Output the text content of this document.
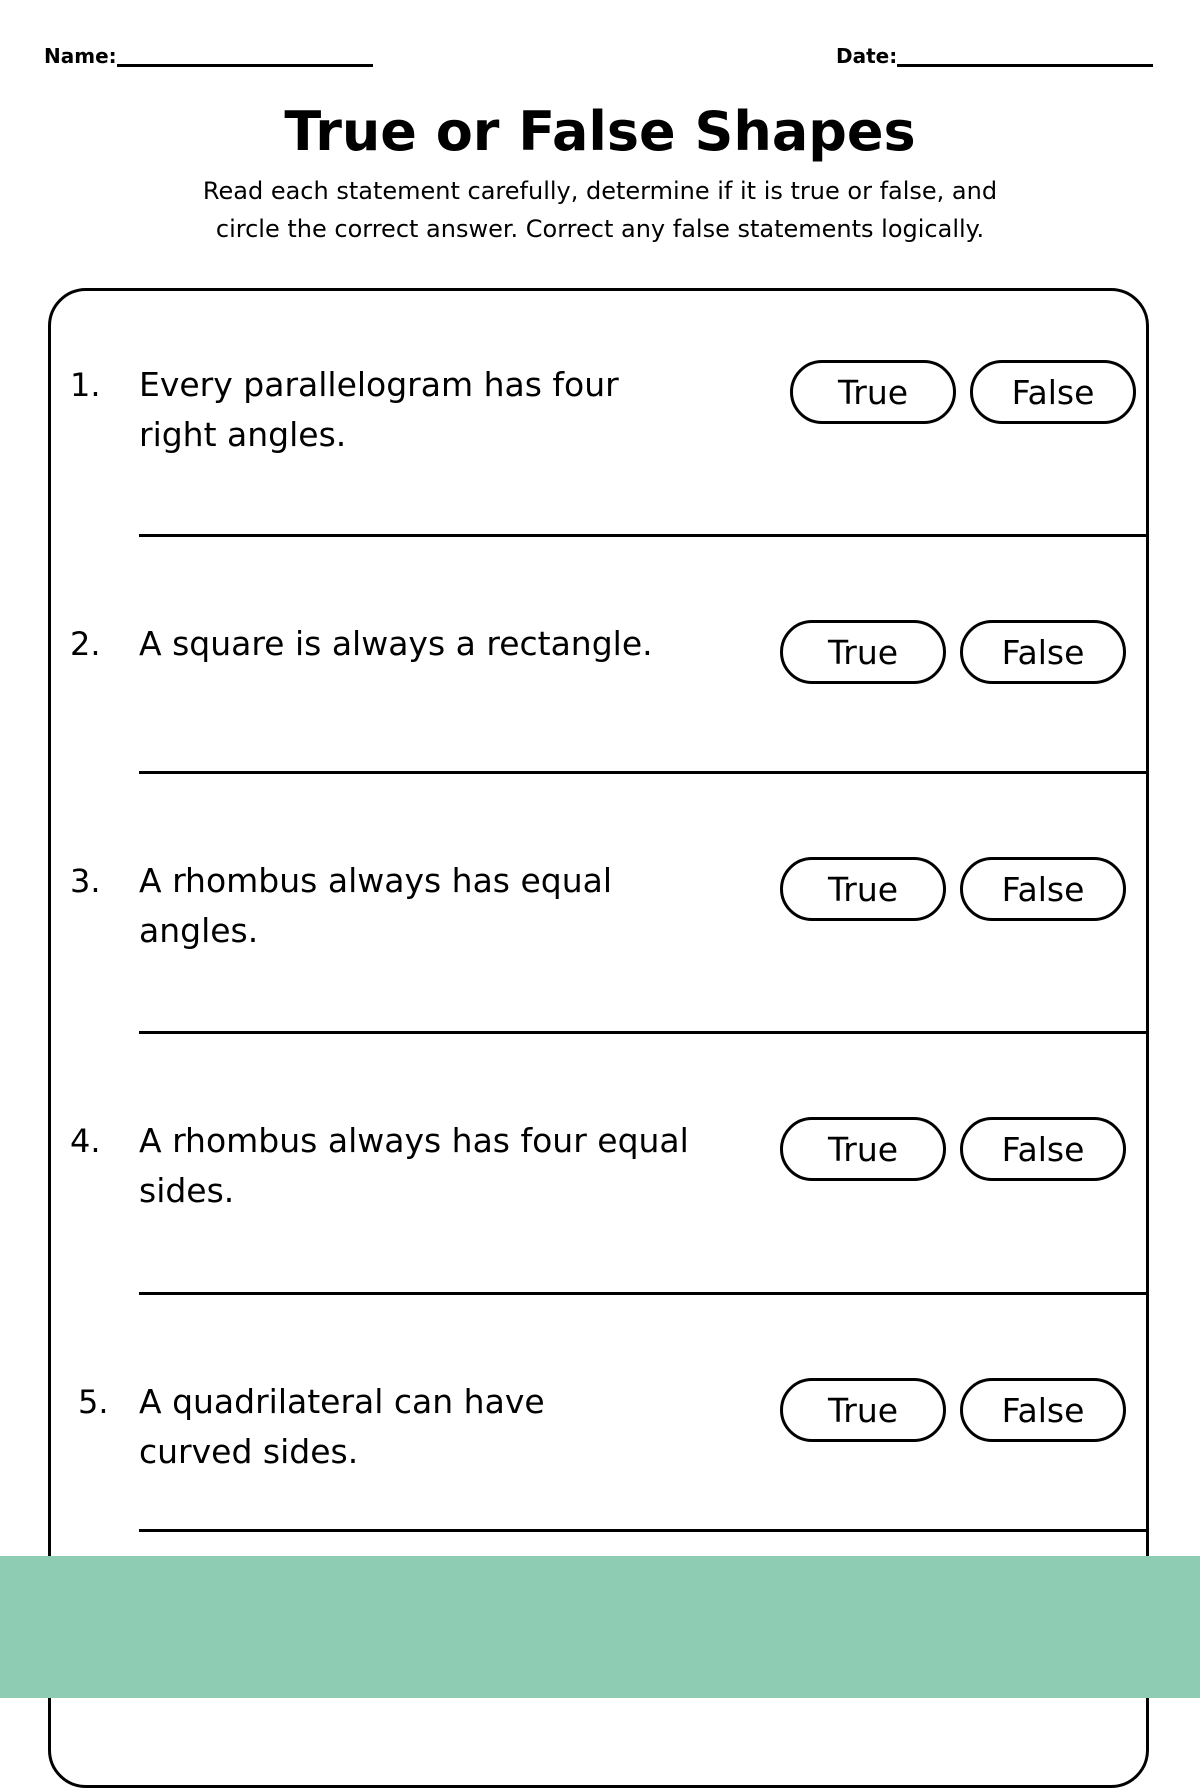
Name:	Date:
True or False Shapes
Read each statement carefully, determine if it is true or false, and
circle the correct answer. Correct any false statements logically.
1. Every parallelogram has four right angles.
True	False
2. A square is always a rectangle.	True	False
3. A rhombus always has equal angles.
True	False
4. A rhombus always has four equal sides.
True	False
5. A quadrilateral can have curved sides.
True	False
